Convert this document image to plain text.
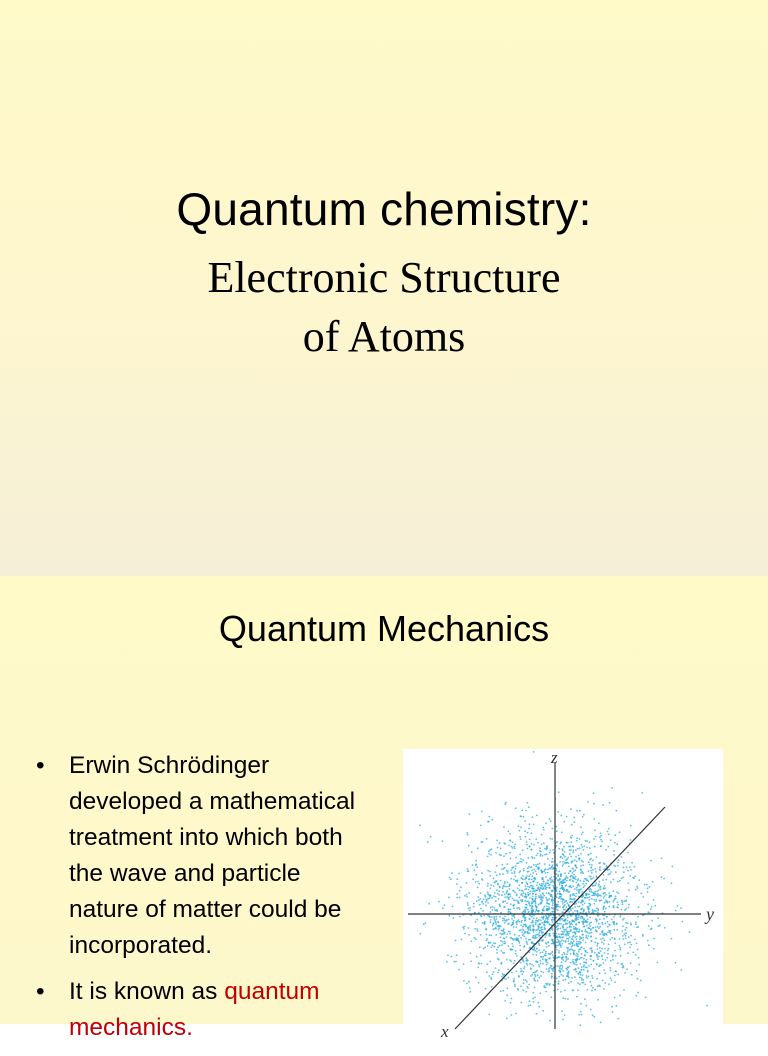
Quantum chemistry:
Electronic Structure
of Atoms
Quantum Mechanics
• Erwin Schrödinger
developed a mathematical
treatment into which both
the wave and particle
nature of matter could be
incorporated.
• It is known as quantum mechanics.
z
y
x
